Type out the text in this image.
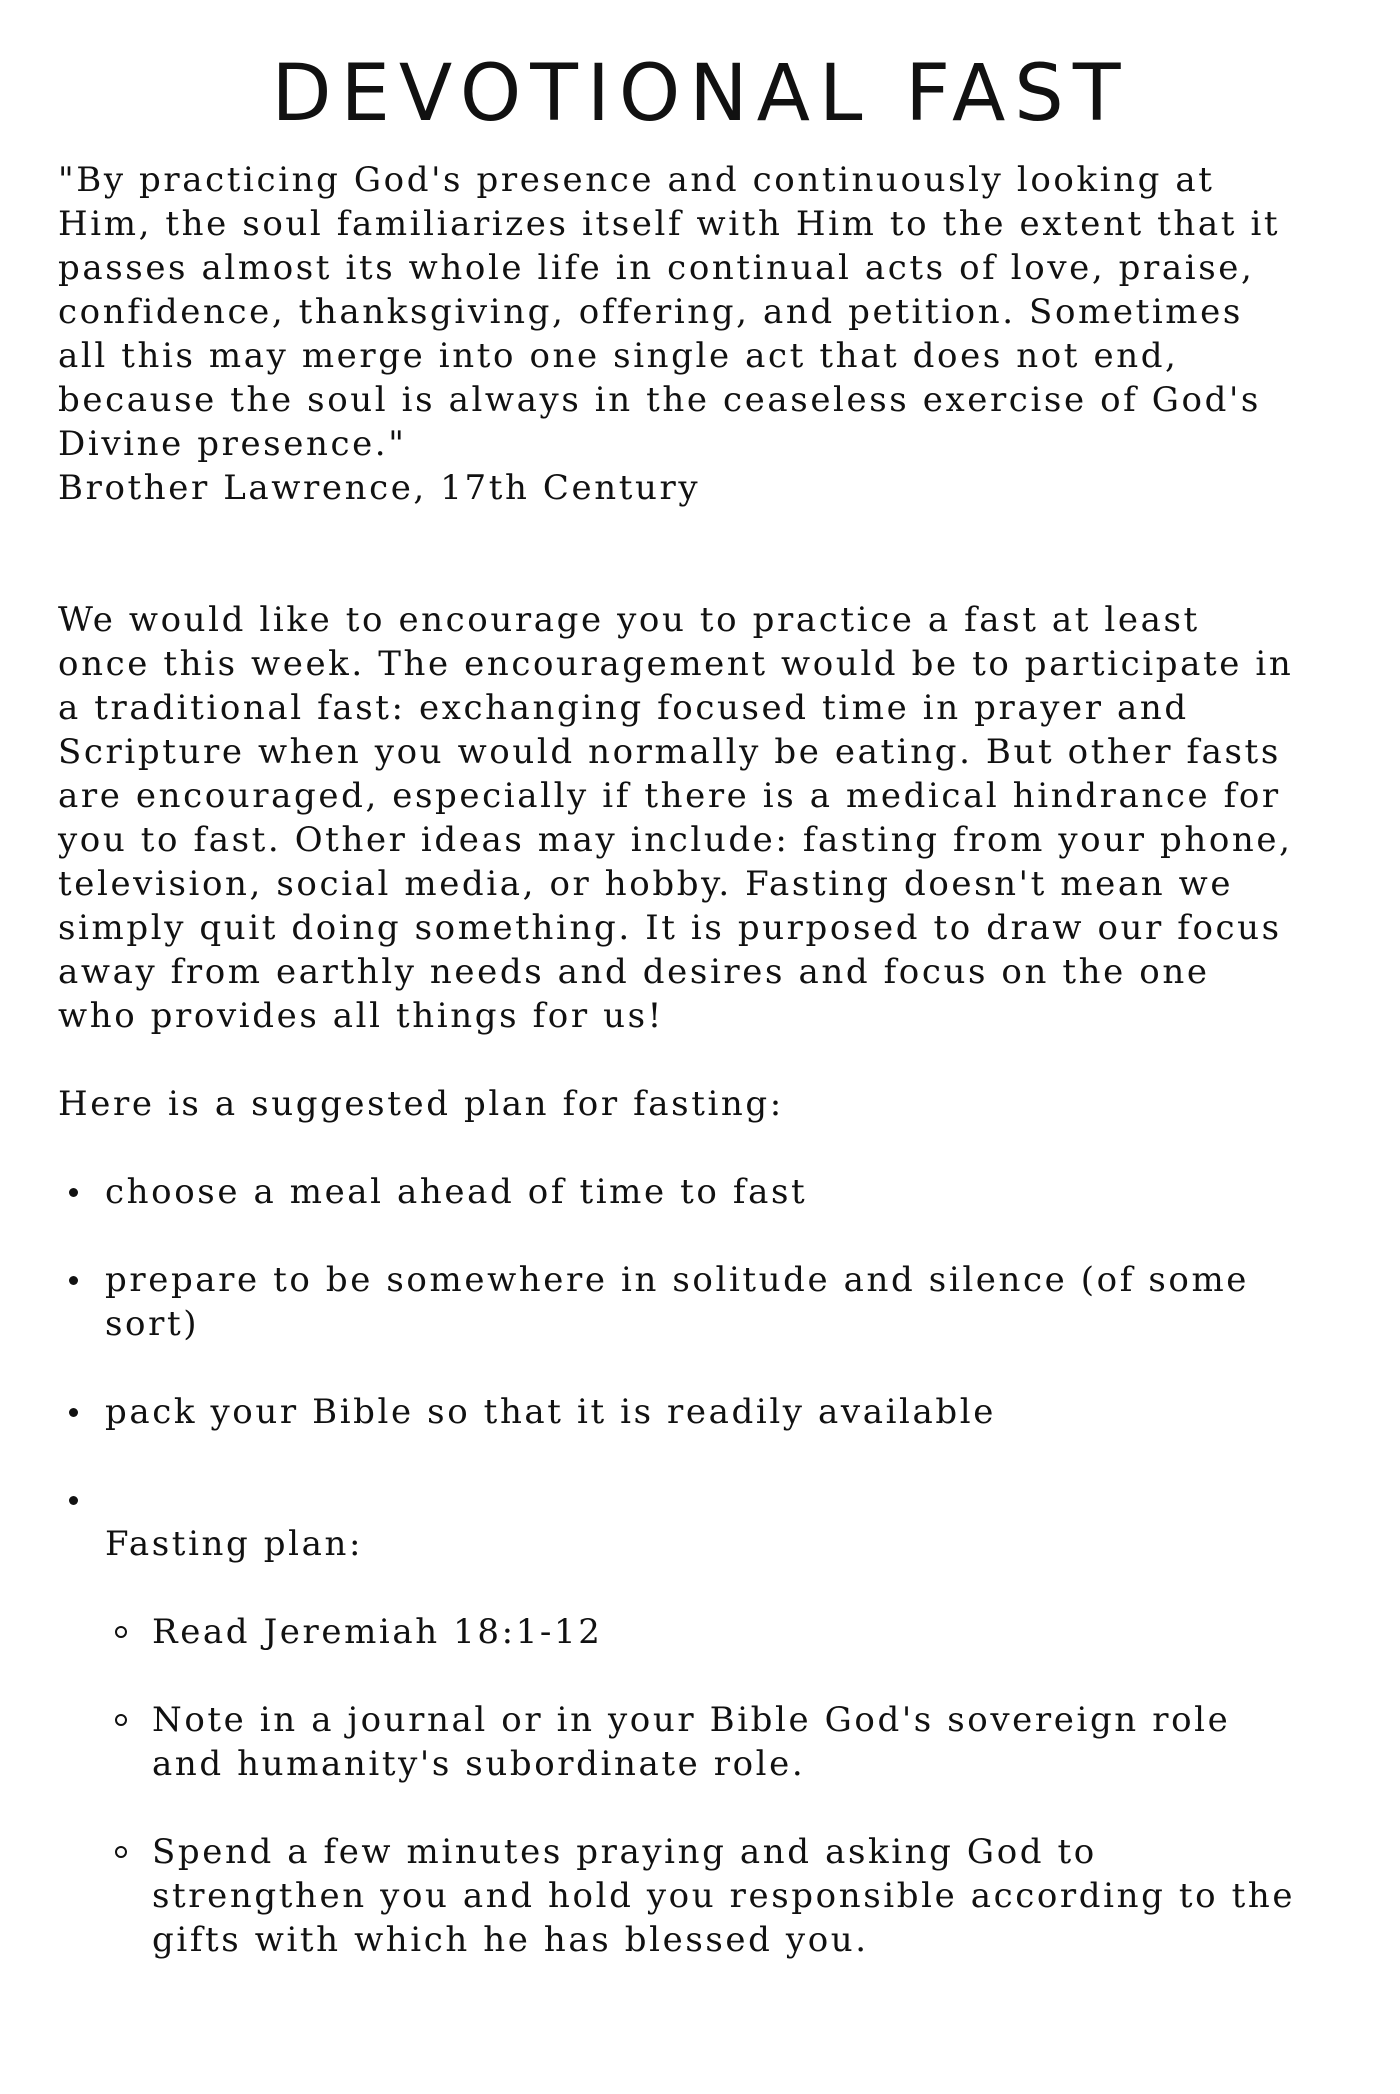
DEVOTIONAL FAST
"By practicing God's presence and continuously looking at
Him, the soul familiarizes itself with Him to the extent that it
passes almost its whole life in continual acts of love, praise,
confidence, thanksgiving, offering, and petition. Sometimes
all this may merge into one single act that does not end,
because the soul is always in the ceaseless exercise of God's
Divine presence."
Brother Lawrence, 17th Century
We would like to encourage you to practice a fast at least
once this week. The encouragement would be to participate in
a traditional fast: exchanging focused time in prayer and
Scripture when you would normally be eating. But other fasts
are encouraged, especially if there is a medical hindrance for
you to fast. Other ideas may include: fasting from your phone,
television, social media, or hobby. Fasting doesn't mean we
simply quit doing something. It is purposed to draw our focus
away from earthly needs and desires and focus on the one
who provides all things for us!
Here is a suggested plan for fasting:

choose a meal ahead of time to fast

prepare to be somewhere in solitude and silence (of some
sort)

pack your Bible so that it is readily available

Fasting plan:

Read Jeremiah 18:1-12

Note in a journal or in your Bible God's sovereign role
and humanity's subordinate role.

Spend a few minutes praying and asking God to
strengthen you and hold you responsible according to the
gifts with which he has blessed you.
